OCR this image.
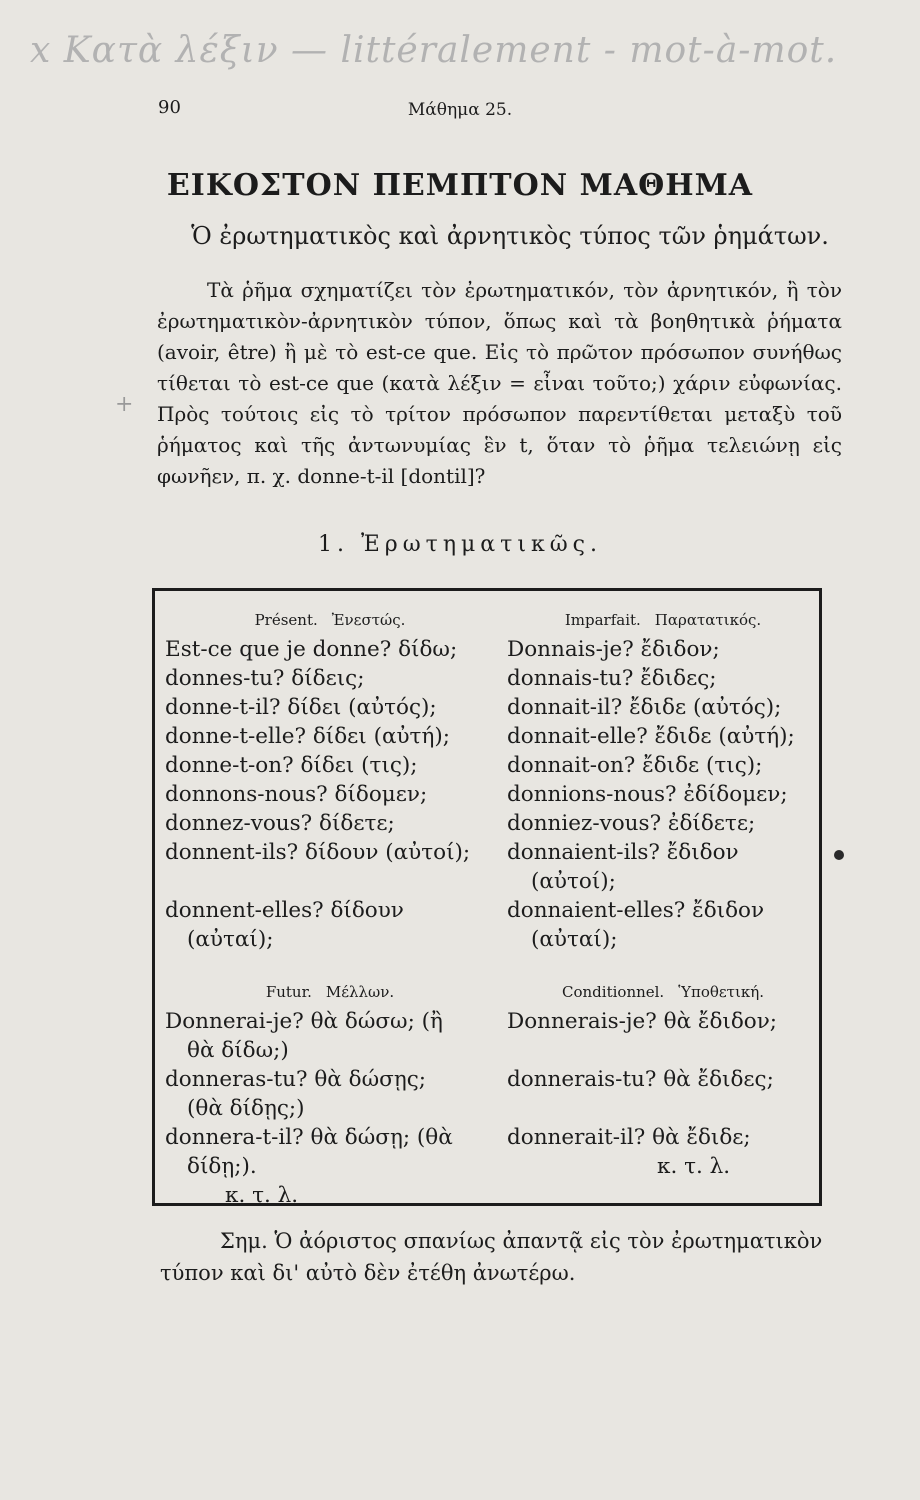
x Κατὰ λέξιν — littéralement - mot-à-mot.
90	Μάθημα 25.
ΕΙΚΟΣΤΟΝ ΠΕΜΠΤΟΝ ΜΑΘΗΜΑ
Ὁ ἐρωτηματικὸς καὶ ἀρνητικὸς τύπος τῶν ῥημάτων.

Τὰ ῥῆμα σχηματίζει τὸν ἐρωτηματικόν, τὸν ἀρνητικόν, ἢ τὸν ἐρωτηματικὸν-ἀρνητικὸν τύπον, ὅπως καὶ τὰ βοηθητικὰ ῥήματα (avoir, être) ἢ μὲ τὸ est-ce que. Εἰς τὸ πρῶτον πρόσωπον συνήθως τίθεται τὸ est-ce que (κατὰ λέξιν = εἶναι τοῦτο;) χάριν εὐφωνίας. Πρὸς τούτοις εἰς τὸ τρίτον πρόσωπον παρεντίθεται μεταξὺ τοῦ ῥήματος καὶ τῆς ἀντωνυμίας ἓν t, ὅταν τὸ ῥῆμα τελειώνῃ εἰς φωνῆεν, π. χ. donne-t-il [dontil]?

+
1. Ἐρωτηματικῶς.
Présent. Ἐνεστώς.
Est-ce que je donne? δίδω;
donnes-tu? δίδεις;
donne-t-il? δίδει (αὐτός);
donne-t-elle? δίδει (αὐτή);
donne-t-on? δίδει (τις);
donnons-nous? δίδομεν;
donnez-vous? δίδετε;
donnent-ils? δίδουν (αὐτοί);
donnent-elles? δίδουν
(αὐταί);
Imparfait. Παρατατικός.
Donnais-je? ἔδιδον;
donnais-tu? ἔδιδες;
donnait-il? ἔδιδε (αὐτός);
donnait-elle? ἔδιδε (αὐτή);
donnait-on? ἔδιδε (τις);
donnions-nous? ἐδίδομεν;
donniez-vous? ἐδίδετε;
donnaient-ils? ἔδιδον
(αὐτοί);
donnaient-elles? ἔδιδον
(αὐταί);
Futur. Μέλλων.
Donnerai-je? θὰ δώσω; (ἢ
θὰ δίδω;)
donneras-tu? θὰ δώσῃς;
(θὰ δίδῃς;)
donnera-t-il? θὰ δώσῃ; (θὰ
δίδῃ;).
κ. τ. λ.
Conditionnel. Ὑποθετική.
Donnerais-je? θὰ ἔδιδον;
donnerais-tu? θὰ ἔδιδες;
donnerait-il? θὰ ἔδιδε;
κ. τ. λ.

Σημ. Ὁ ἀόριστος σπανίως ἀπαντᾷ εἰς τὸν ἐρωτηματικὸν τύπον καὶ δι' αὐτὸ δὲν ἐτέθη ἀνωτέρω.
